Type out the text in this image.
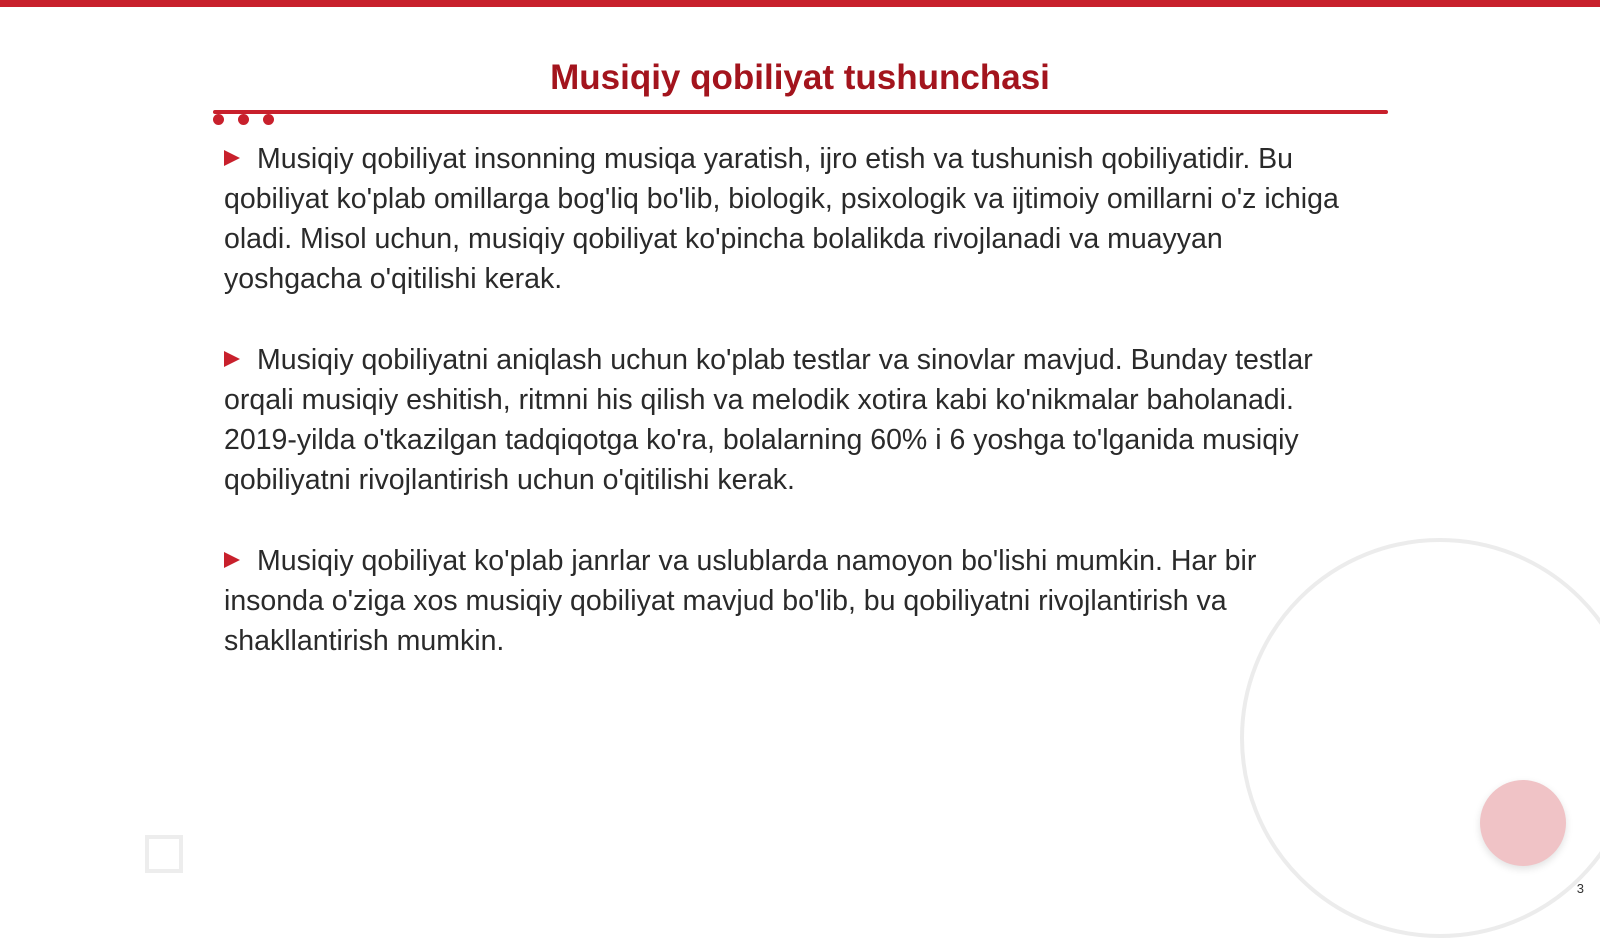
Musiqiy qobiliyat tushunchasi

Musiqiy qobiliyat insonning musiqa yaratish, ijro etish va tushunish qobiliyatidir. Bu qobiliyat ko'plab omillarga bog'liq bo'lib, biologik, psixologik va ijtimoiy omillarni o'z ichiga oladi. Misol uchun, musiqiy qobiliyat ko'pincha bolalikda rivojlanadi va muayyan yoshgacha o'qitilishi kerak.

Musiqiy qobiliyatni aniqlash uchun ko'plab testlar va sinovlar mavjud. Bunday testlar orqali musiqiy eshitish, ritmni his qilish va melodik xotira kabi ko'nikmalar baholanadi. 2019-yilda o'tkazilgan tadqiqotga ko'ra, bolalarning 60% i 6 yoshga to'lganida musiqiy qobiliyatni rivojlantirish uchun o'qitilishi kerak.

Musiqiy qobiliyat ko'plab janrlar va uslublarda namoyon bo'lishi mumkin. Har bir insonda o'ziga xos musiqiy qobiliyat mavjud bo'lib, bu qobiliyatni rivojlantirish va shakllantirish mumkin.

3
